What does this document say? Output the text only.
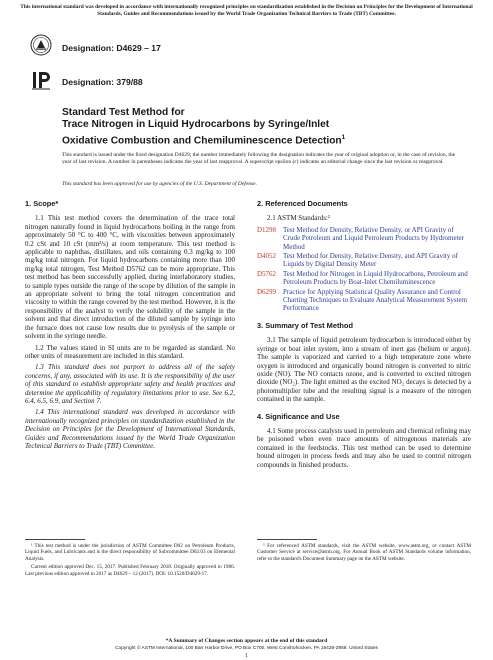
This international standard was developed in accordance with internationally recognized principles on standardization established in the Decision on Principles for the Development of International Standards, Guides and Recommendations issued by the World Trade Organization Technical Barriers to Trade (TBT) Committee.
Designation: D4629 – 17
Designation: 379/88
Standard Test Method for
Trace Nitrogen in Liquid Hydrocarbons by Syringe/Inlet
Oxidative Combustion and Chemiluminescence Detection$^1$
This standard is issued under the fixed designation D4629; the number immediately following the designation indicates the year of original adoption or, in the case of revision, the year of last revision. A number in parentheses indicates the year of last reapproval. A superscript epsilon (ε) indicates an editorial change since the last revision or reapproval.
This standard has been approved for use by agencies of the U.S. Department of Defense.
1. Scope*
1.1 This test method covers the determination of the trace total nitrogen naturally found in liquid hydrocarbons boiling in the range from approximately 50 °C to 400 °C, with viscosities between approximately 0.2 cSt and 10 cSt (mm²/s) at room temperature. This test method is applicable to naphthas, distillates, and oils containing 0.3 mg/kg to 100 mg/kg total nitrogen. For liquid hydrocarbons containing more than 100 mg/kg total nitrogen, Test Method D5762 can be more appropriate. This test method has been successfully applied, during interlaboratory studies, to sample types outside the range of the scope by dilution of the sample in an appropriate solvent to bring the total nitrogen concentration and viscosity to within the range covered by the test method. However, it is the responsibility of the analyst to verify the solubility of the sample in the solvent and that direct introduction of the diluted sample by syringe into the furnace does not cause low results due to pyrolysis of the sample or solvent in the syringe needle.
1.2 The values stated in SI units are to be regarded as standard. No other units of measurement are included in this standard.
1.3 This standard does not purport to address all of the safety concerns, if any, associated with its use. It is the responsibility of the user of this standard to establish appropriate safety and health practices and determine the applicability of regulatory limitations prior to use. See 6.2, 6.4, 6.5, 6.9, and Section 7.
1.4 This international standard was developed in accordance with internationally recognized principles on standardization established in the Decision on Principles for the Development of International Standards, Guides and Recommendations issued by the World Trade Organization Technical Barriers to Trade (TBT) Committee.
2. Referenced Documents
2.1 ASTM Standards:²
D1298 Test Method for Density, Relative Density, or API Gravity of Crude Petroleum and Liquid Petroleum Products by Hydrometer Method
D4052 Test Method for Density, Relative Density, and API Gravity of Liquids by Digital Density Meter
D5762 Test Method for Nitrogen in Liquid Hydrocarbons, Petroleum and Petroleum Products by Boat-Inlet Chemiluminescence
D6299 Practice for Applying Statistical Quality Assurance and Control Charting Techniques to Evaluate Analytical Measurement System Performance
3. Summary of Test Method
3.1 The sample of liquid petroleum hydrocarbon is introduced either by syringe or boat inlet system, into a stream of inert gas (helium or argon). The sample is vaporized and carried to a high temperature zone where oxygen is introduced and organically bound nitrogen is converted to nitric oxide (NO). The NO contacts ozone, and is converted to excited nitrogen dioxide (NO₂). The light emitted as the excited NO₂ decays is detected by a photomultiplier tube and the resulting signal is a measure of the nitrogen contained in the sample.
4. Significance and Use
4.1 Some process catalysts used in petroleum and chemical refining may be poisoned when even trace amounts of nitrogenous materials are contained in the feedstocks. This test method can be used to determine bound nitrogen in process feeds and may also be used to control nitrogen compounds in finished products.
¹ This test method is under the jurisdiction of ASTM Committee D02 on Petroleum Products, Liquid Fuels, and Lubricants and is the direct responsibility of Subcommittee D02.03 on Elemental Analysis.
Current edition approved Dec. 15, 2017. Published February 2018. Originally approved in 1986. Last previous edition approved in 2017 as D4629 – 12 (2017). DOI: 10.1520/D4629-17.
² For referenced ASTM standards, visit the ASTM website, www.astm.org, or contact ASTM Customer Service at service@astm.org. For Annual Book of ASTM Standards volume information, refer to the standard's Document Summary page on the ASTM website.
*A Summary of Changes section appears at the end of this standard
Copyright © ASTM International, 100 Barr Harbor Drive, PO Box C700, West Conshohocken, PA 19428-2959. United States
1
